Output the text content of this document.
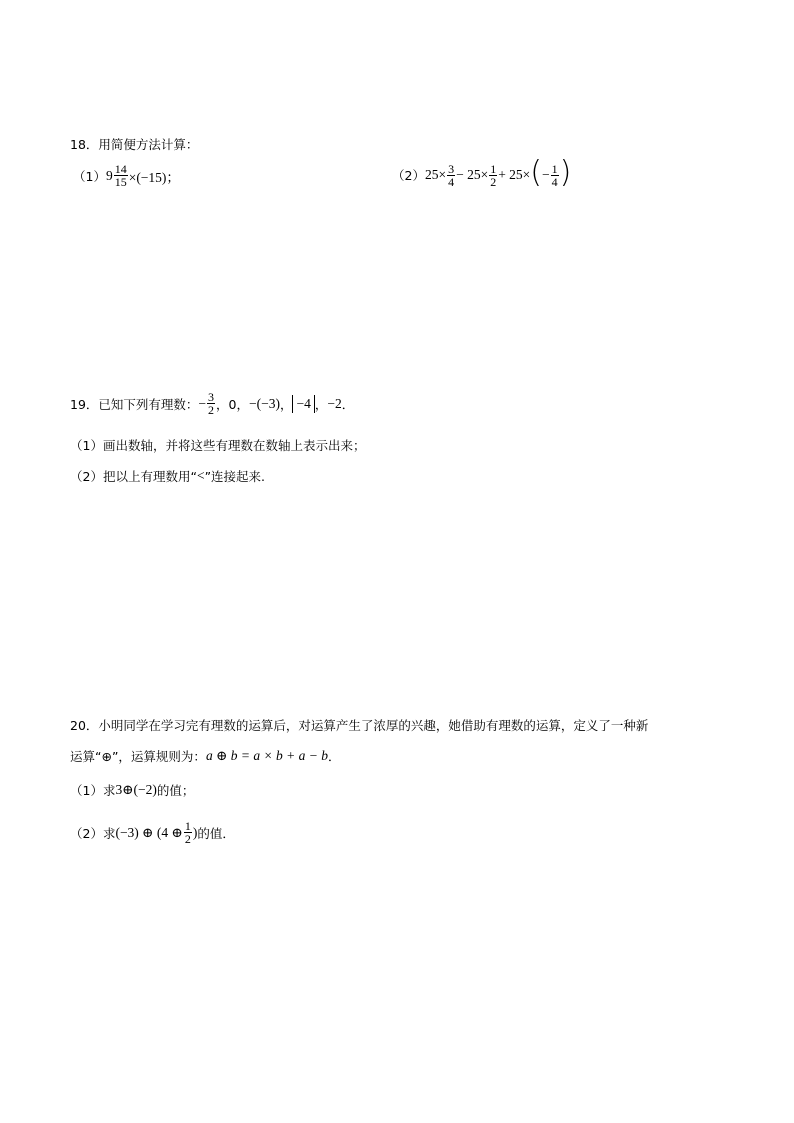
18．用简便方法计算：
（1） $9 \frac{14}{15} \times(-15)$；	（2） $25\times \frac{3}{4} - 25\times \frac{1}{2} + 25\times$ ( − $\frac{1}{4}$ )
19．已知下列有理数： − $\frac{3}{2}$ ，0， −(−3) ， −4 ， −2 ．
（1）画出数轴，并将这些有理数在数轴上表示出来；
（2）把以上有理数用“ < ”连接起来.
20．小明同学在学习完有理数的运算后，对运算产生了浓厚的兴趣，她借助有理数的运算，定义了一种新
运算“⊕”，运算规则为： a ⊕ b = a × b + a − b ．
（1）求 3⊕(−2) 的值；
（2）求 (−3) ⊕ (4 ⊕ $\frac{1}{2}$ ) 的值．
